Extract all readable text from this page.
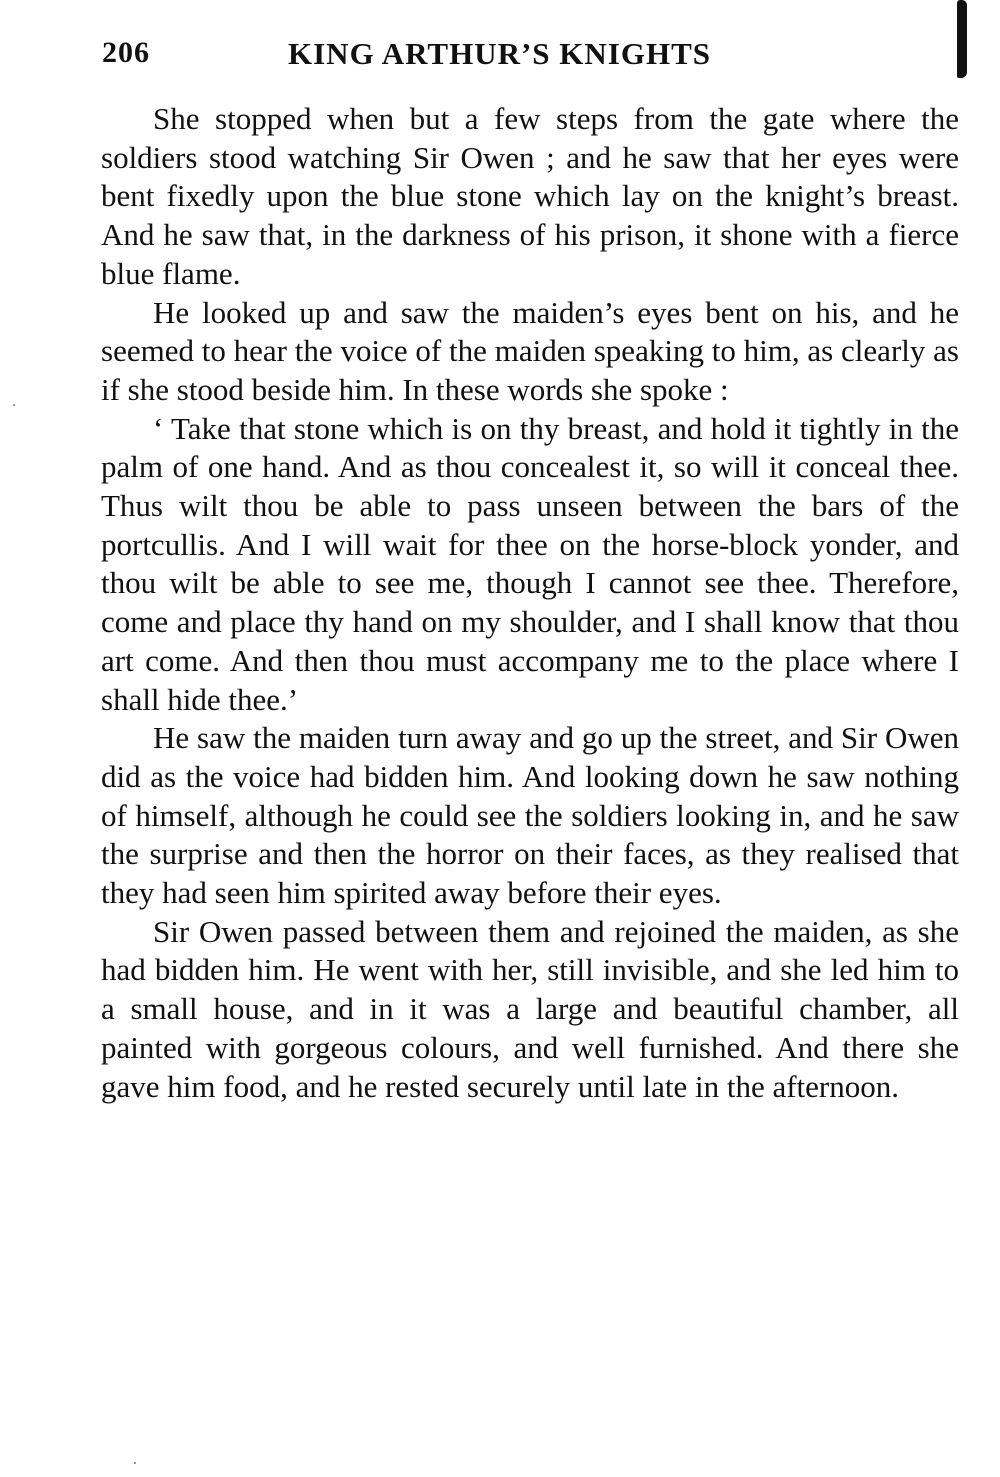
206	KING ARTHUR’S KNIGHTS

She stopped when but a few steps from the gate where the soldiers stood watching Sir Owen ; and he saw that her eyes were bent fixedly upon the blue stone which lay on the knight’s breast. And he saw that, in the darkness of his prison, it shone with a fierce blue flame.

He looked up and saw the maiden’s eyes bent on his, and he seemed to hear the voice of the maiden speaking to him, as clearly as if she stood beside him. In these words she spoke :

‘ Take that stone which is on thy breast, and hold it tightly in the palm of one hand. And as thou concealest it, so will it conceal thee. Thus wilt thou be able to pass unseen between the bars of the portcullis. And I will wait for thee on the horse-block yonder, and thou wilt be able to see me, though I cannot see thee. Therefore, come and place thy hand on my shoulder, and I shall know that thou art come. And then thou must accompany me to the place where I shall hide thee.’

He saw the maiden turn away and go up the street, and Sir Owen did as the voice had bidden him. And looking down he saw nothing of himself, although he could see the soldiers looking in, and he saw the surprise and then the horror on their faces, as they realised that they had seen him spirited away before their eyes.

Sir Owen passed between them and rejoined the maiden, as she had bidden him. He went with her, still invisible, and she led him to a small house, and in it was a large and beautiful chamber, all painted with gorgeous colours, and well furnished. And there she gave him food, and he rested securely until late in the afternoon.
